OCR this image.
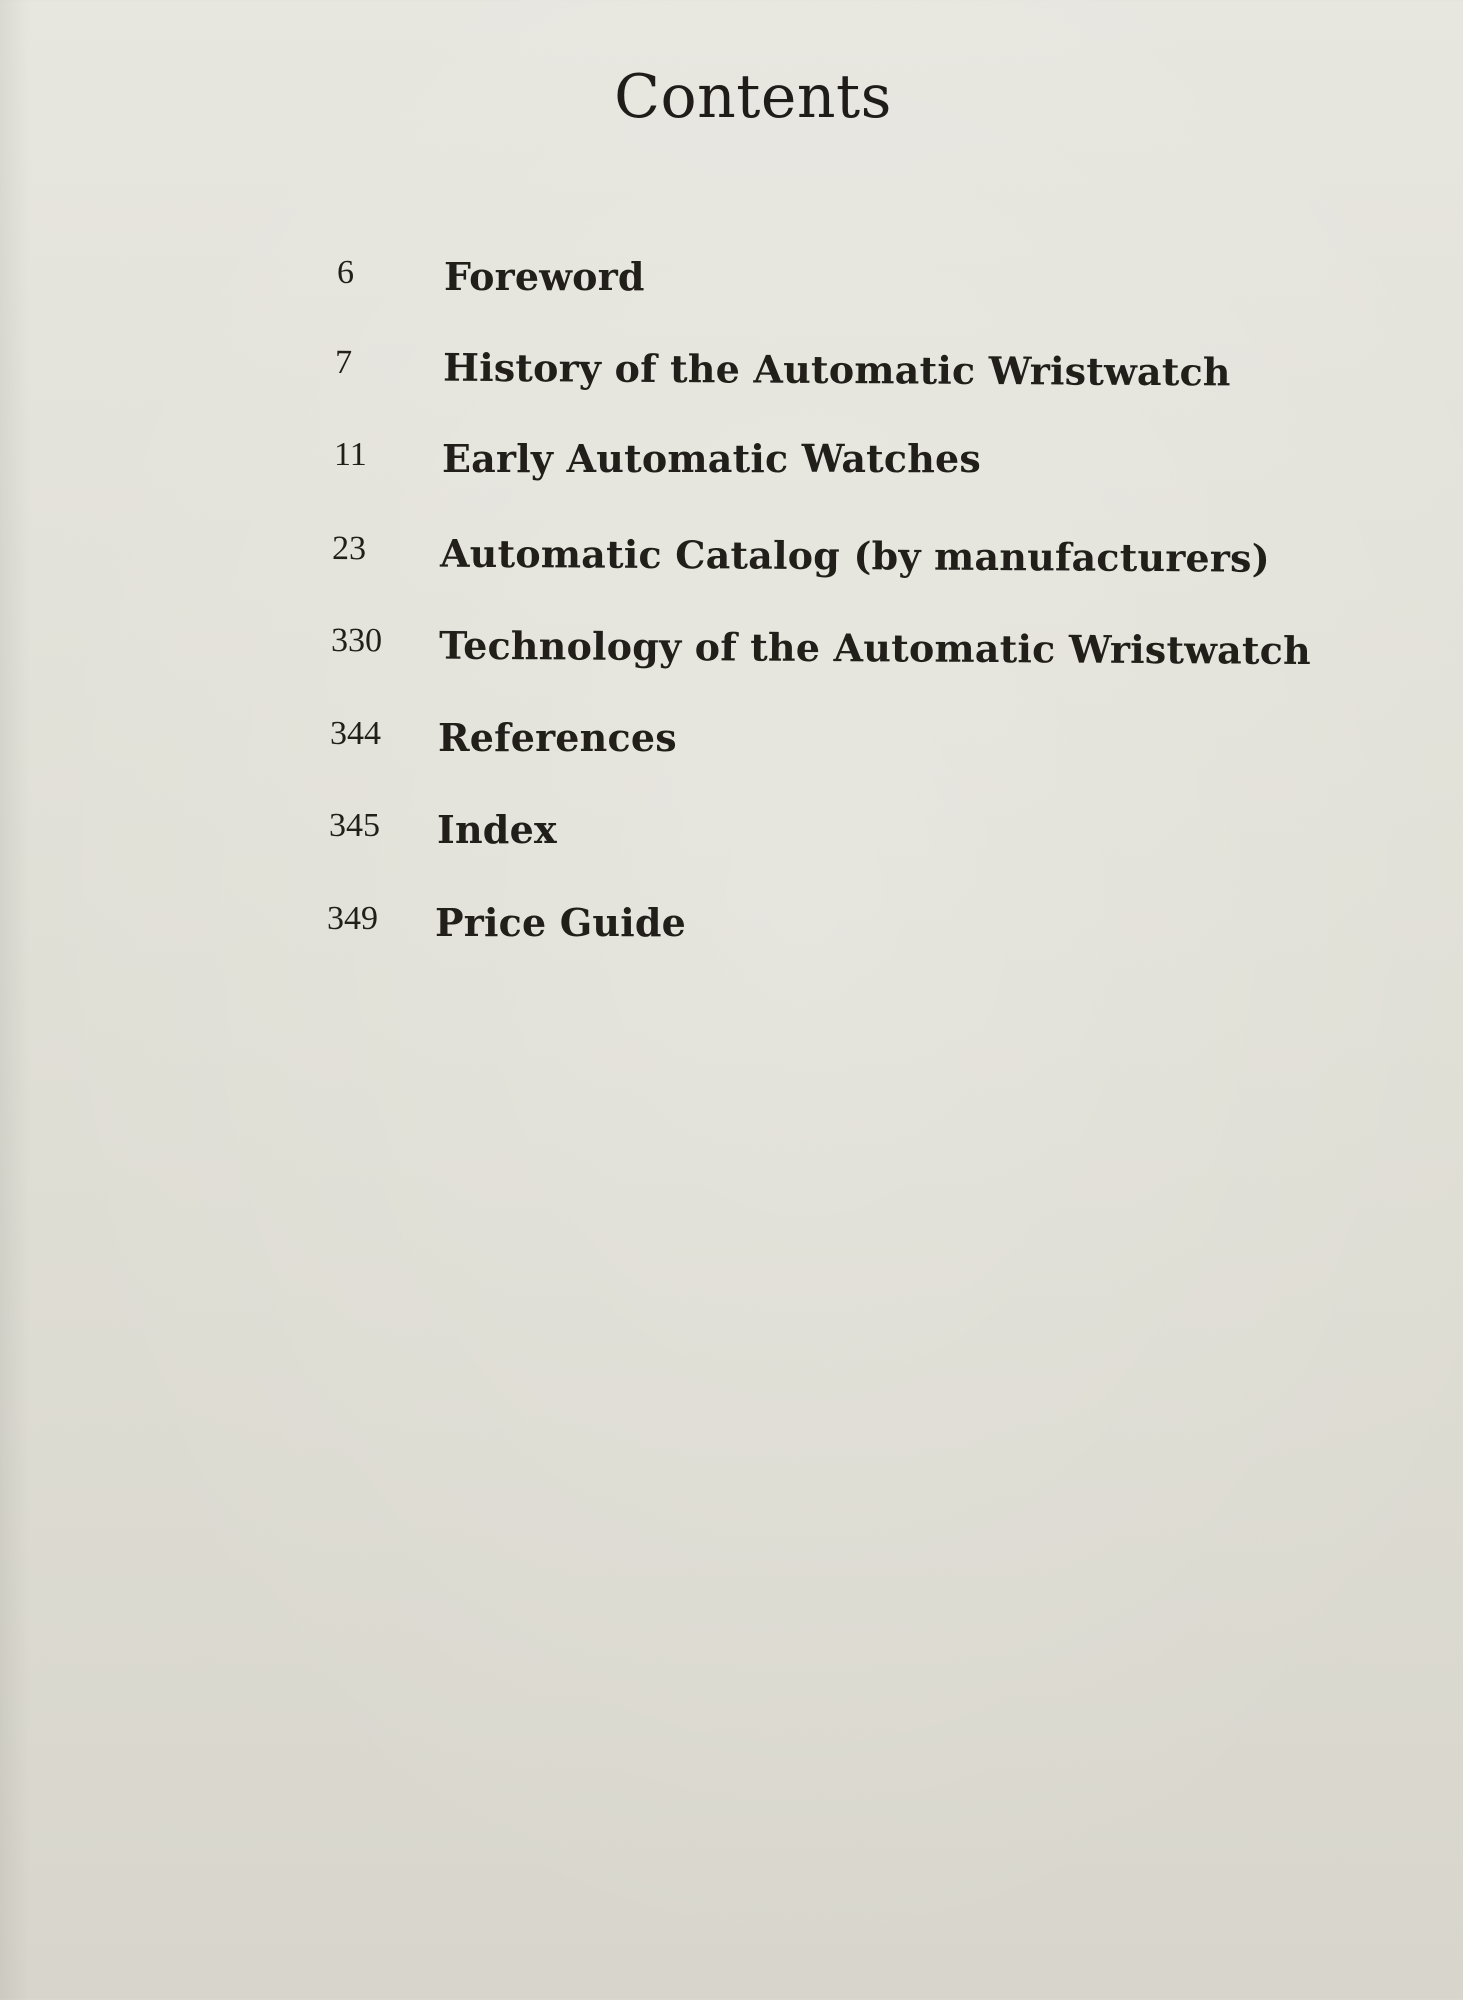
Contents
6 Foreword
7 History of the Automatic Wristwatch
11 Early Automatic Watches
23 Automatic Catalog (by manufacturers)
330 Technology of the Automatic Wristwatch
344 References
345 Index
349 Price Guide
